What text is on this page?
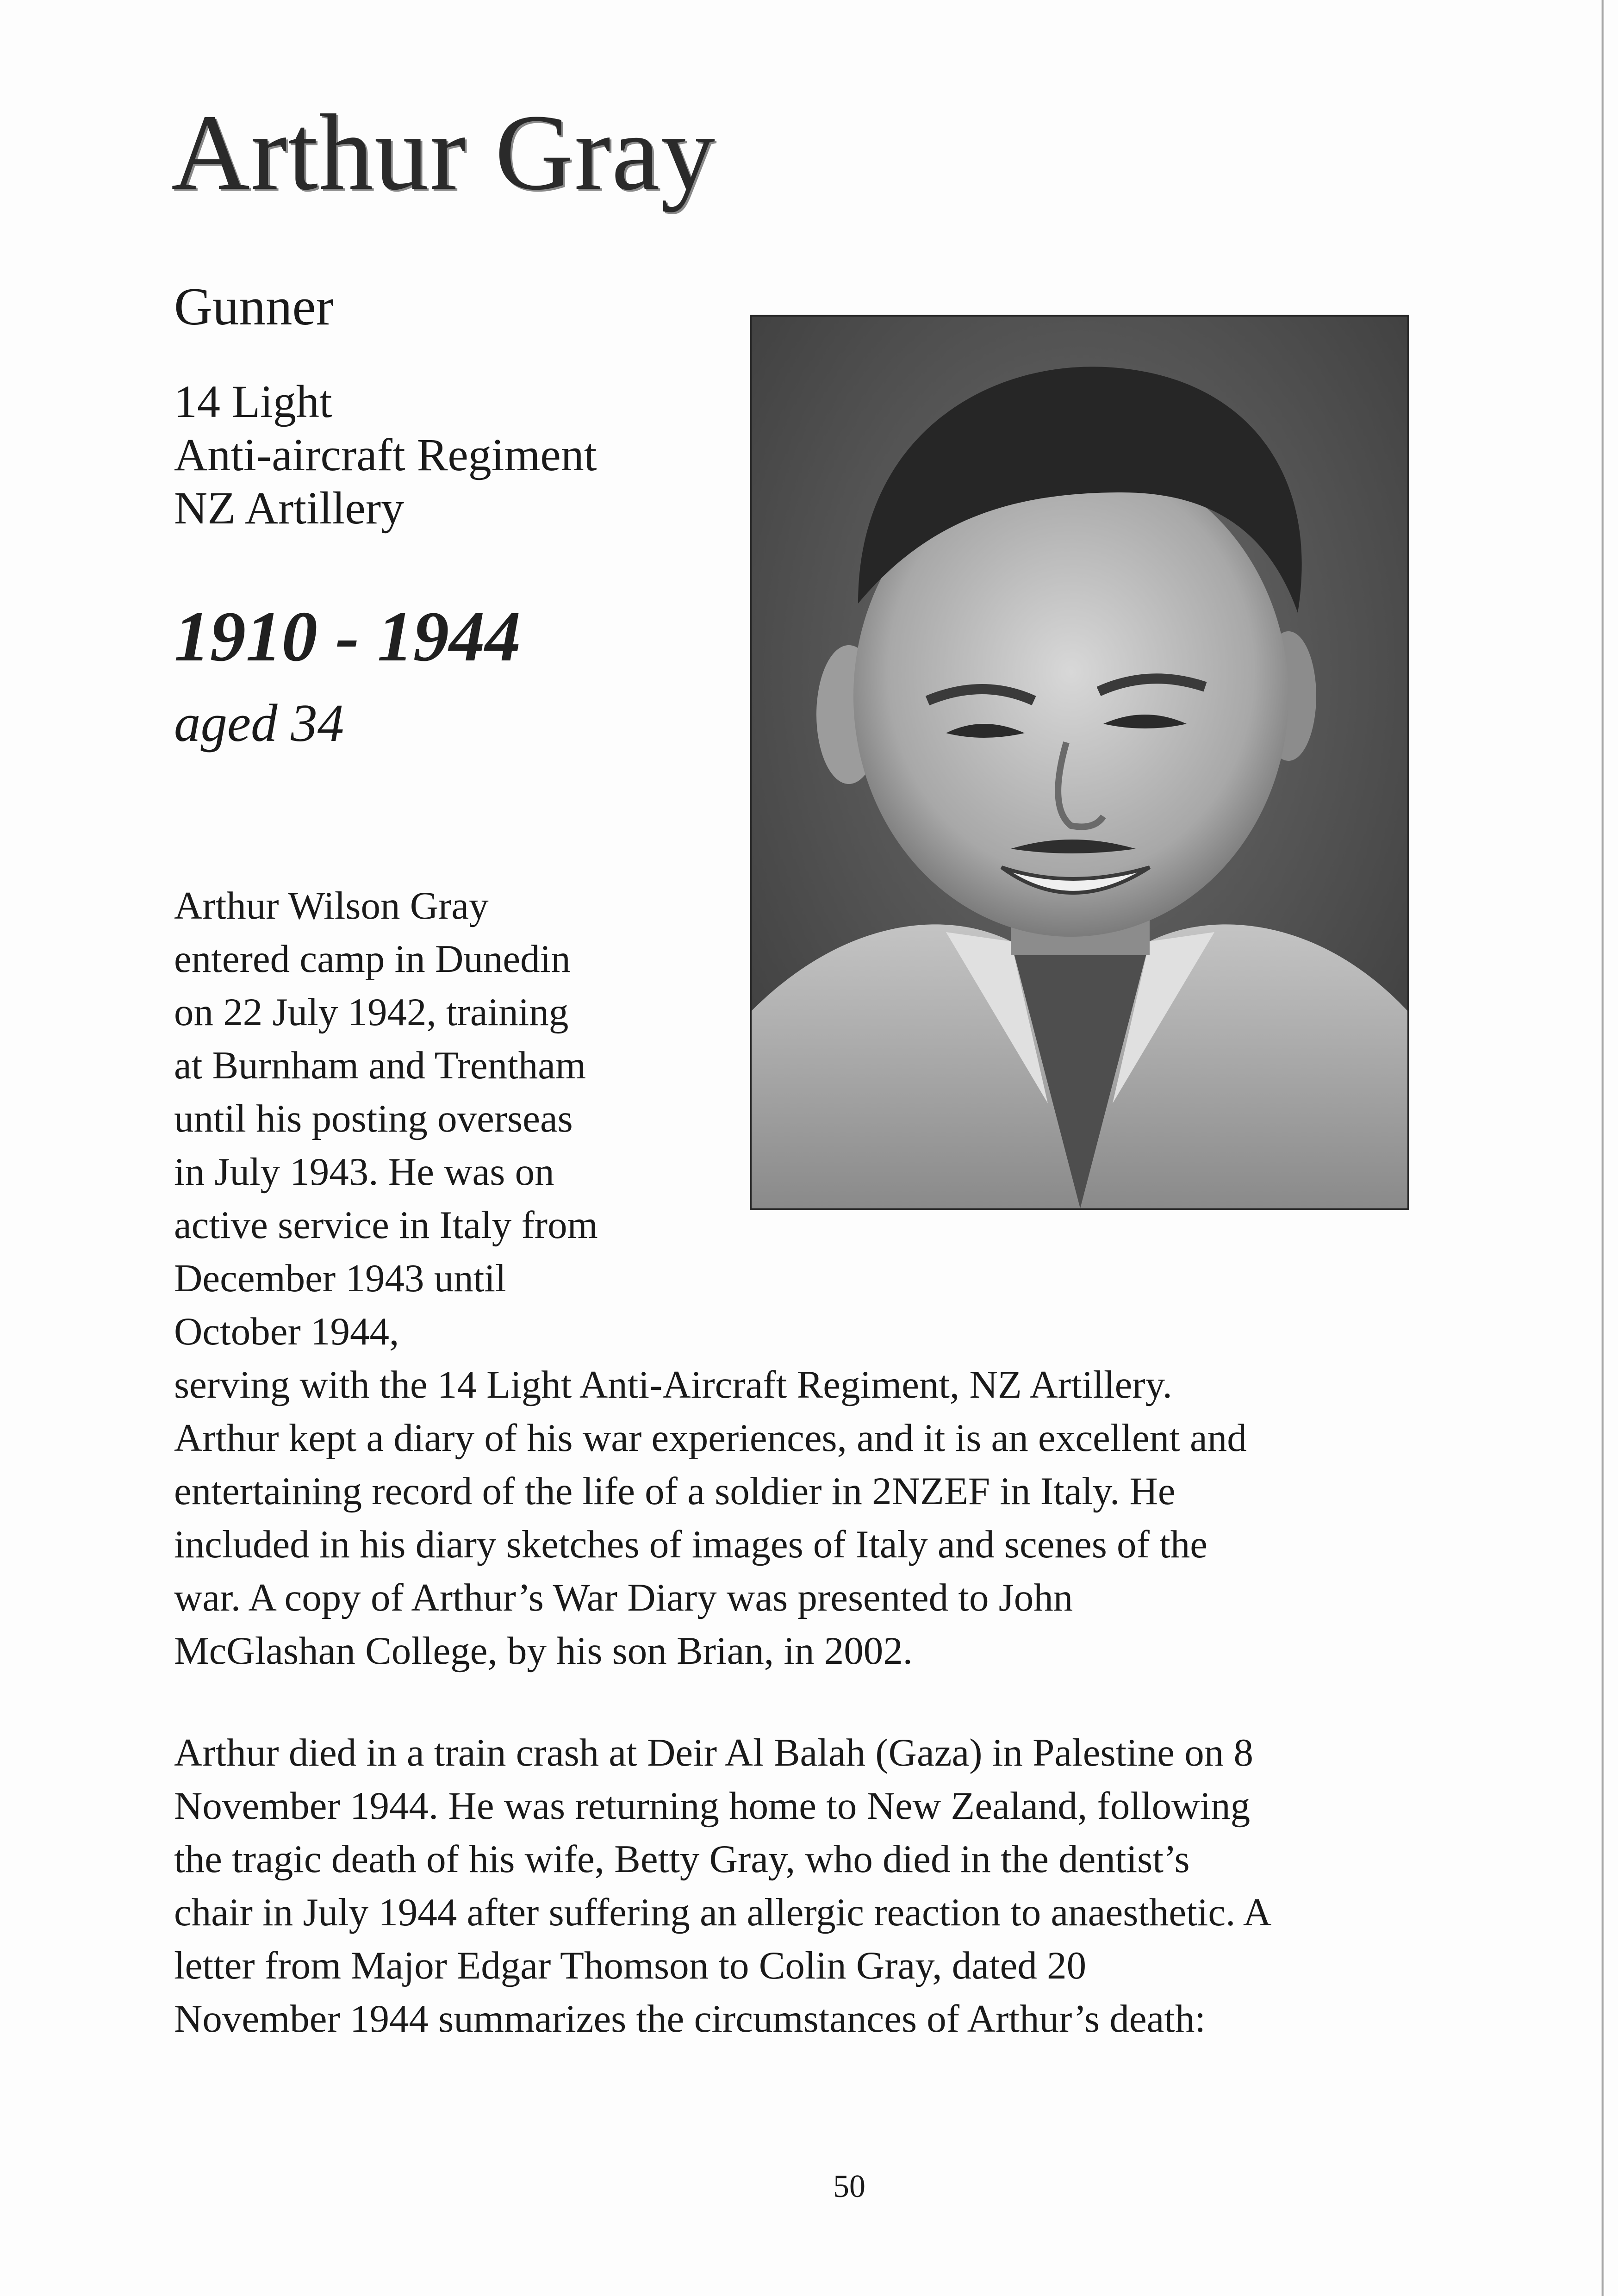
Arthur Gray
Gunner
14 Light
Anti-aircraft Regiment
NZ Artillery
1910 - 1944
aged 34
Arthur Wilson Gray
entered camp in Dunedin
on 22 July 1942, training
at Burnham and Trentham
until his posting overseas
in July 1943. He was on
active service in Italy from
December 1943 until
October 1944,
serving with the 14 Light Anti-Aircraft Regiment, NZ Artillery.
Arthur kept a diary of his war experiences, and it is an excellent and
entertaining record of the life of a soldier in 2NZEF in Italy. He
included in his diary sketches of images of Italy and scenes of the
war. A copy of Arthur’s War Diary was presented to John
McGlashan College, by his son Brian, in 2002.
Arthur died in a train crash at Deir Al Balah (Gaza) in Palestine on 8
November 1944. He was returning home to New Zealand, following
the tragic death of his wife, Betty Gray, who died in the dentist’s
chair in July 1944 after suffering an allergic reaction to anaesthetic. A
letter from Major Edgar Thomson to Colin Gray, dated 20
November 1944 summarizes the circumstances of Arthur’s death:
50
